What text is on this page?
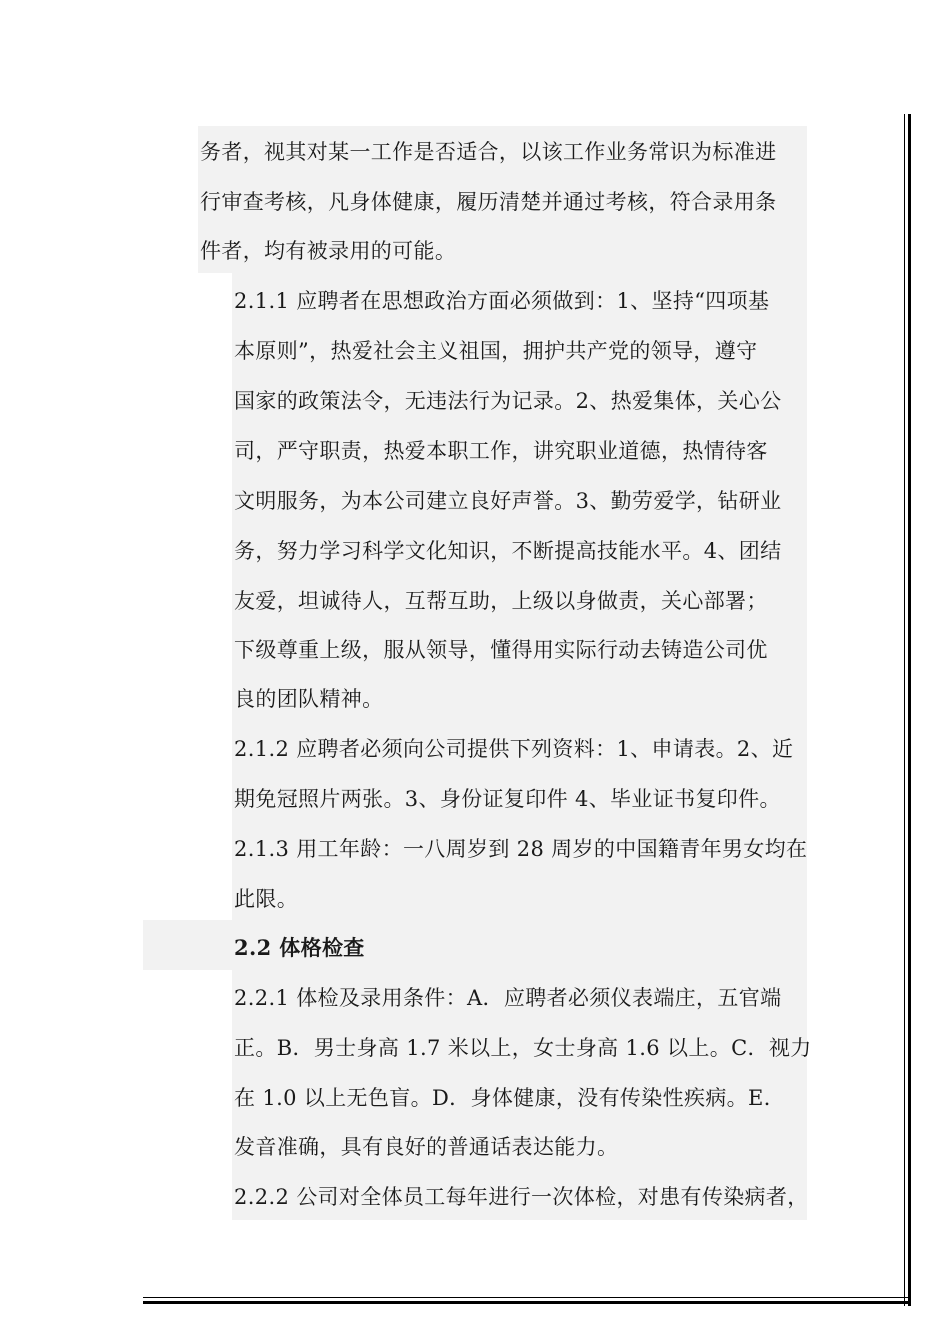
务者，视其对某一工作是否适合，以该工作业务常识为标准进
行审查考核，凡身体健康，履历清楚并通过考核，符合录用条
件者，均有被录用的可能。
2.1.1 应聘者在思想政治方面必须做到：1、坚持“四项基
本原则”，热爱社会主义祖国，拥护共产党的领导，遵守
国家的政策法令，无违法行为记录。2、热爱集体，关心公
司，严守职责，热爱本职工作，讲究职业道德，热情待客
文明服务，为本公司建立良好声誉。3、勤劳爱学，钻研业
务，努力学习科学文化知识，不断提高技能水平。4、团结
友爱，坦诚待人，互帮互助，上级以身做责，关心部署；
下级尊重上级，服从领导，懂得用实际行动去铸造公司优
良的团队精神。
2.1.2 应聘者必须向公司提供下列资料：1、申请表。2、近
期免冠照片两张。3、身份证复印件 4、毕业证书复印件。
2.1.3 用工年龄：一八周岁到 28 周岁的中国籍青年男女均在
此限。
2.2 体格检查
2.2.1 体检及录用条件：A．应聘者必须仪表端庄，五官端
正。B．男士身高 1.7 米以上，女士身高 1.6 以上。C．视力
在 1.0 以上无色盲。D．身体健康，没有传染性疾病。E．
发音准确，具有良好的普通话表达能力。
2.2.2 公司对全体员工每年进行一次体检，对患有传染病者，
